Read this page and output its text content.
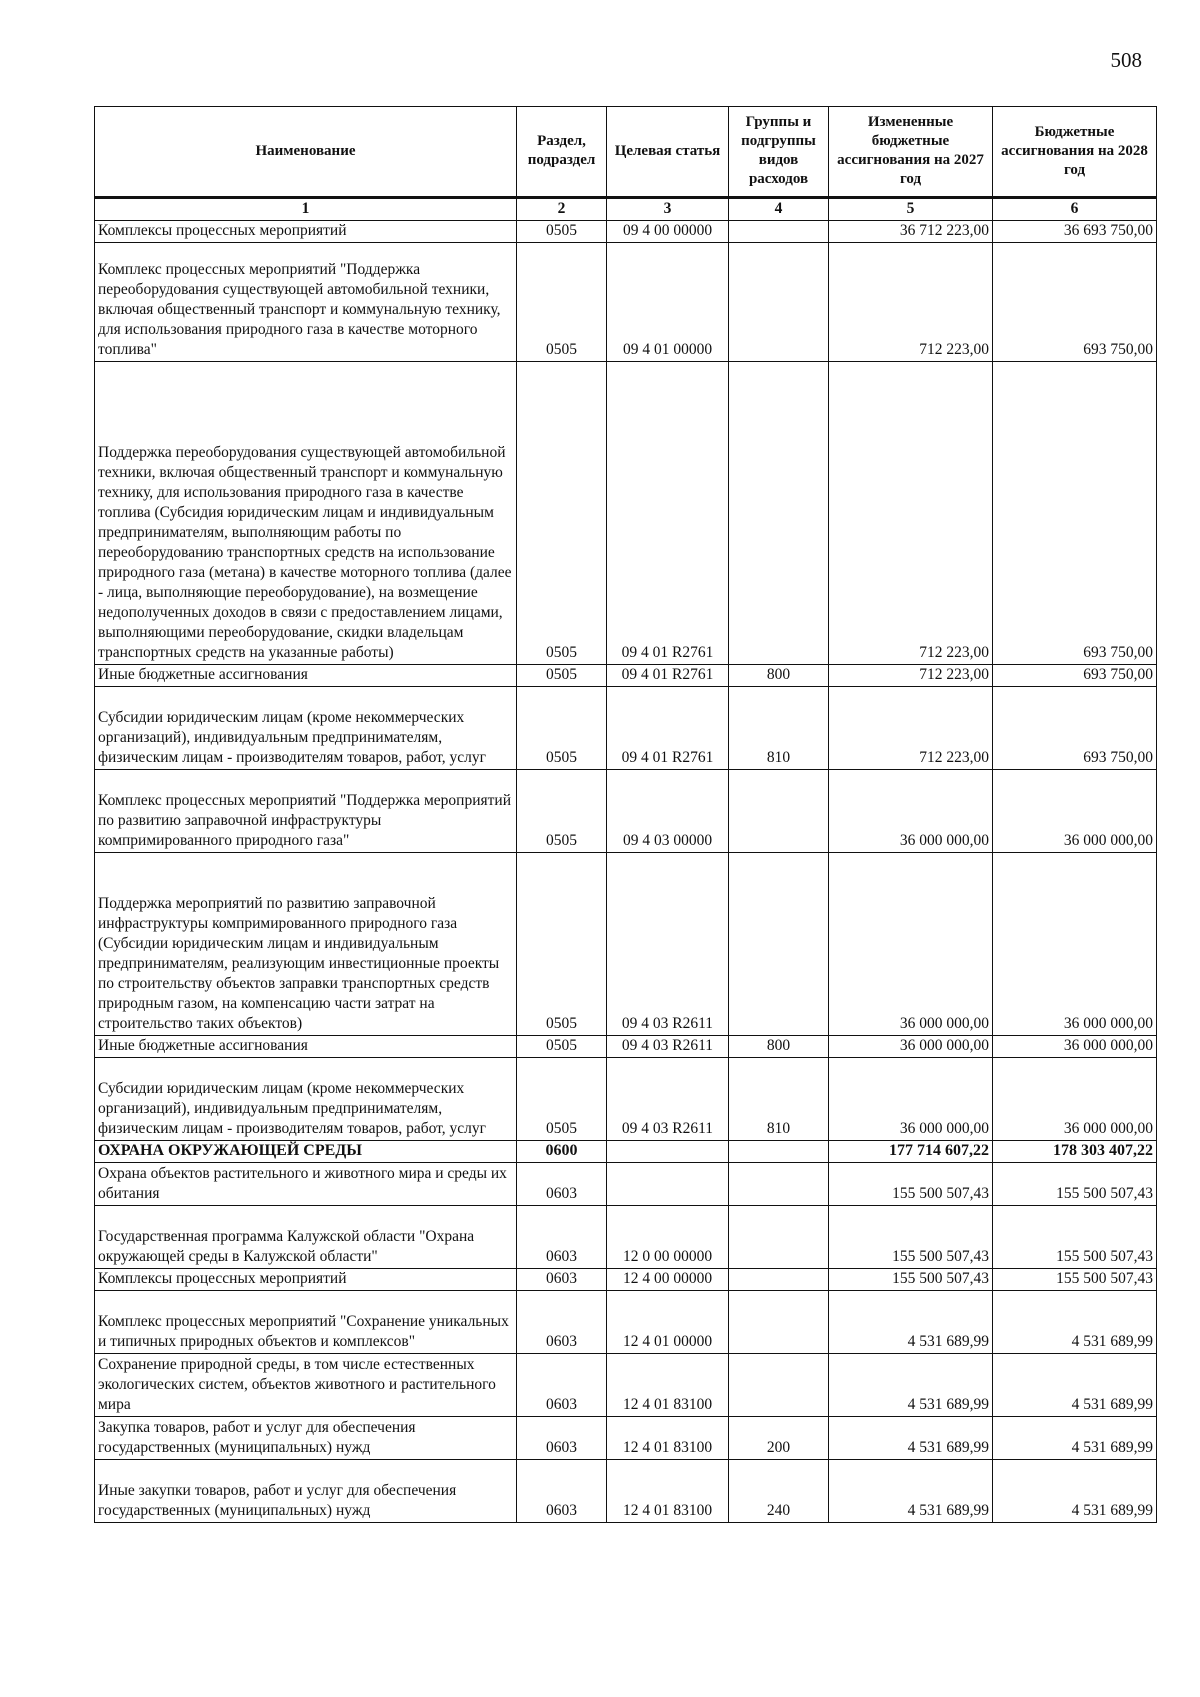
508
Наименование	Раздел, подраздел	Целевая статья	Группы и подгруппы видов расходов	Измененные бюджетные ассигнования на 2027 год	Бюджетные ассигнования на 2028 год
1	2	3	4	5	6
Комплексы процессных мероприятий	0505	09 4 00 00000		36 712 223,00	36 693 750,00
Комплекс процессных мероприятий "Поддержка переоборудования существующей автомобильной техники, включая общественный транспорт и коммунальную технику, для использования природного газа в качестве моторного топлива"	0505	09 4 01 00000		712 223,00	693 750,00
Поддержка переоборудования существующей автомобильной техники, включая общественный транспорт и коммунальную технику, для использования природного газа в качестве топлива (Субсидия юридическим лицам и индивидуальным предпринимателям, выполняющим работы по переоборудованию транспортных средств на использование природного газа (метана) в качестве моторного топлива (далее - лица, выполняющие переоборудование), на возмещение недополученных доходов в связи с предоставлением лицами, выполняющими переоборудование, скидки владельцам транспортных средств на указанные работы)	0505	09 4 01 R2761		712 223,00	693 750,00
Иные бюджетные ассигнования	0505	09 4 01 R2761	800	712 223,00	693 750,00
Субсидии юридическим лицам (кроме некоммерческих организаций), индивидуальным предпринимателям, физическим лицам - производителям товаров, работ, услуг	0505	09 4 01 R2761	810	712 223,00	693 750,00
Комплекс процессных мероприятий "Поддержка мероприятий по развитию заправочной инфраструктуры компримированного природного газа"	0505	09 4 03 00000		36 000 000,00	36 000 000,00
Поддержка мероприятий по развитию заправочной инфраструктуры компримированного природного газа (Субсидии юридическим лицам и индивидуальным предпринимателям, реализующим инвестиционные проекты по строительству объектов заправки транспортных средств природным газом, на компенсацию части затрат на строительство таких объектов)	0505	09 4 03 R2611		36 000 000,00	36 000 000,00
Иные бюджетные ассигнования	0505	09 4 03 R2611	800	36 000 000,00	36 000 000,00
Субсидии юридическим лицам (кроме некоммерческих организаций), индивидуальным предпринимателям, физическим лицам - производителям товаров, работ, услуг	0505	09 4 03 R2611	810	36 000 000,00	36 000 000,00
ОХРАНА ОКРУЖАЮЩЕЙ СРЕДЫ	0600			177 714 607,22	178 303 407,22
Охрана объектов растительного и животного мира и среды их обитания	0603			155 500 507,43	155 500 507,43
Государственная программа Калужской области "Охрана окружающей среды в Калужской области"	0603	12 0 00 00000		155 500 507,43	155 500 507,43
Комплексы процессных мероприятий	0603	12 4 00 00000		155 500 507,43	155 500 507,43
Комплекс процессных мероприятий "Сохранение уникальных и типичных природных объектов и комплексов"	0603	12 4 01 00000		4 531 689,99	4 531 689,99
Сохранение природной среды, в том числе естественных экологических систем, объектов животного и растительного мира	0603	12 4 01 83100		4 531 689,99	4 531 689,99
Закупка товаров, работ и услуг для обеспечения государственных (муниципальных) нужд	0603	12 4 01 83100	200	4 531 689,99	4 531 689,99
Иные закупки товаров, работ и услуг для обеспечения государственных (муниципальных) нужд	0603	12 4 01 83100	240	4 531 689,99	4 531 689,99
